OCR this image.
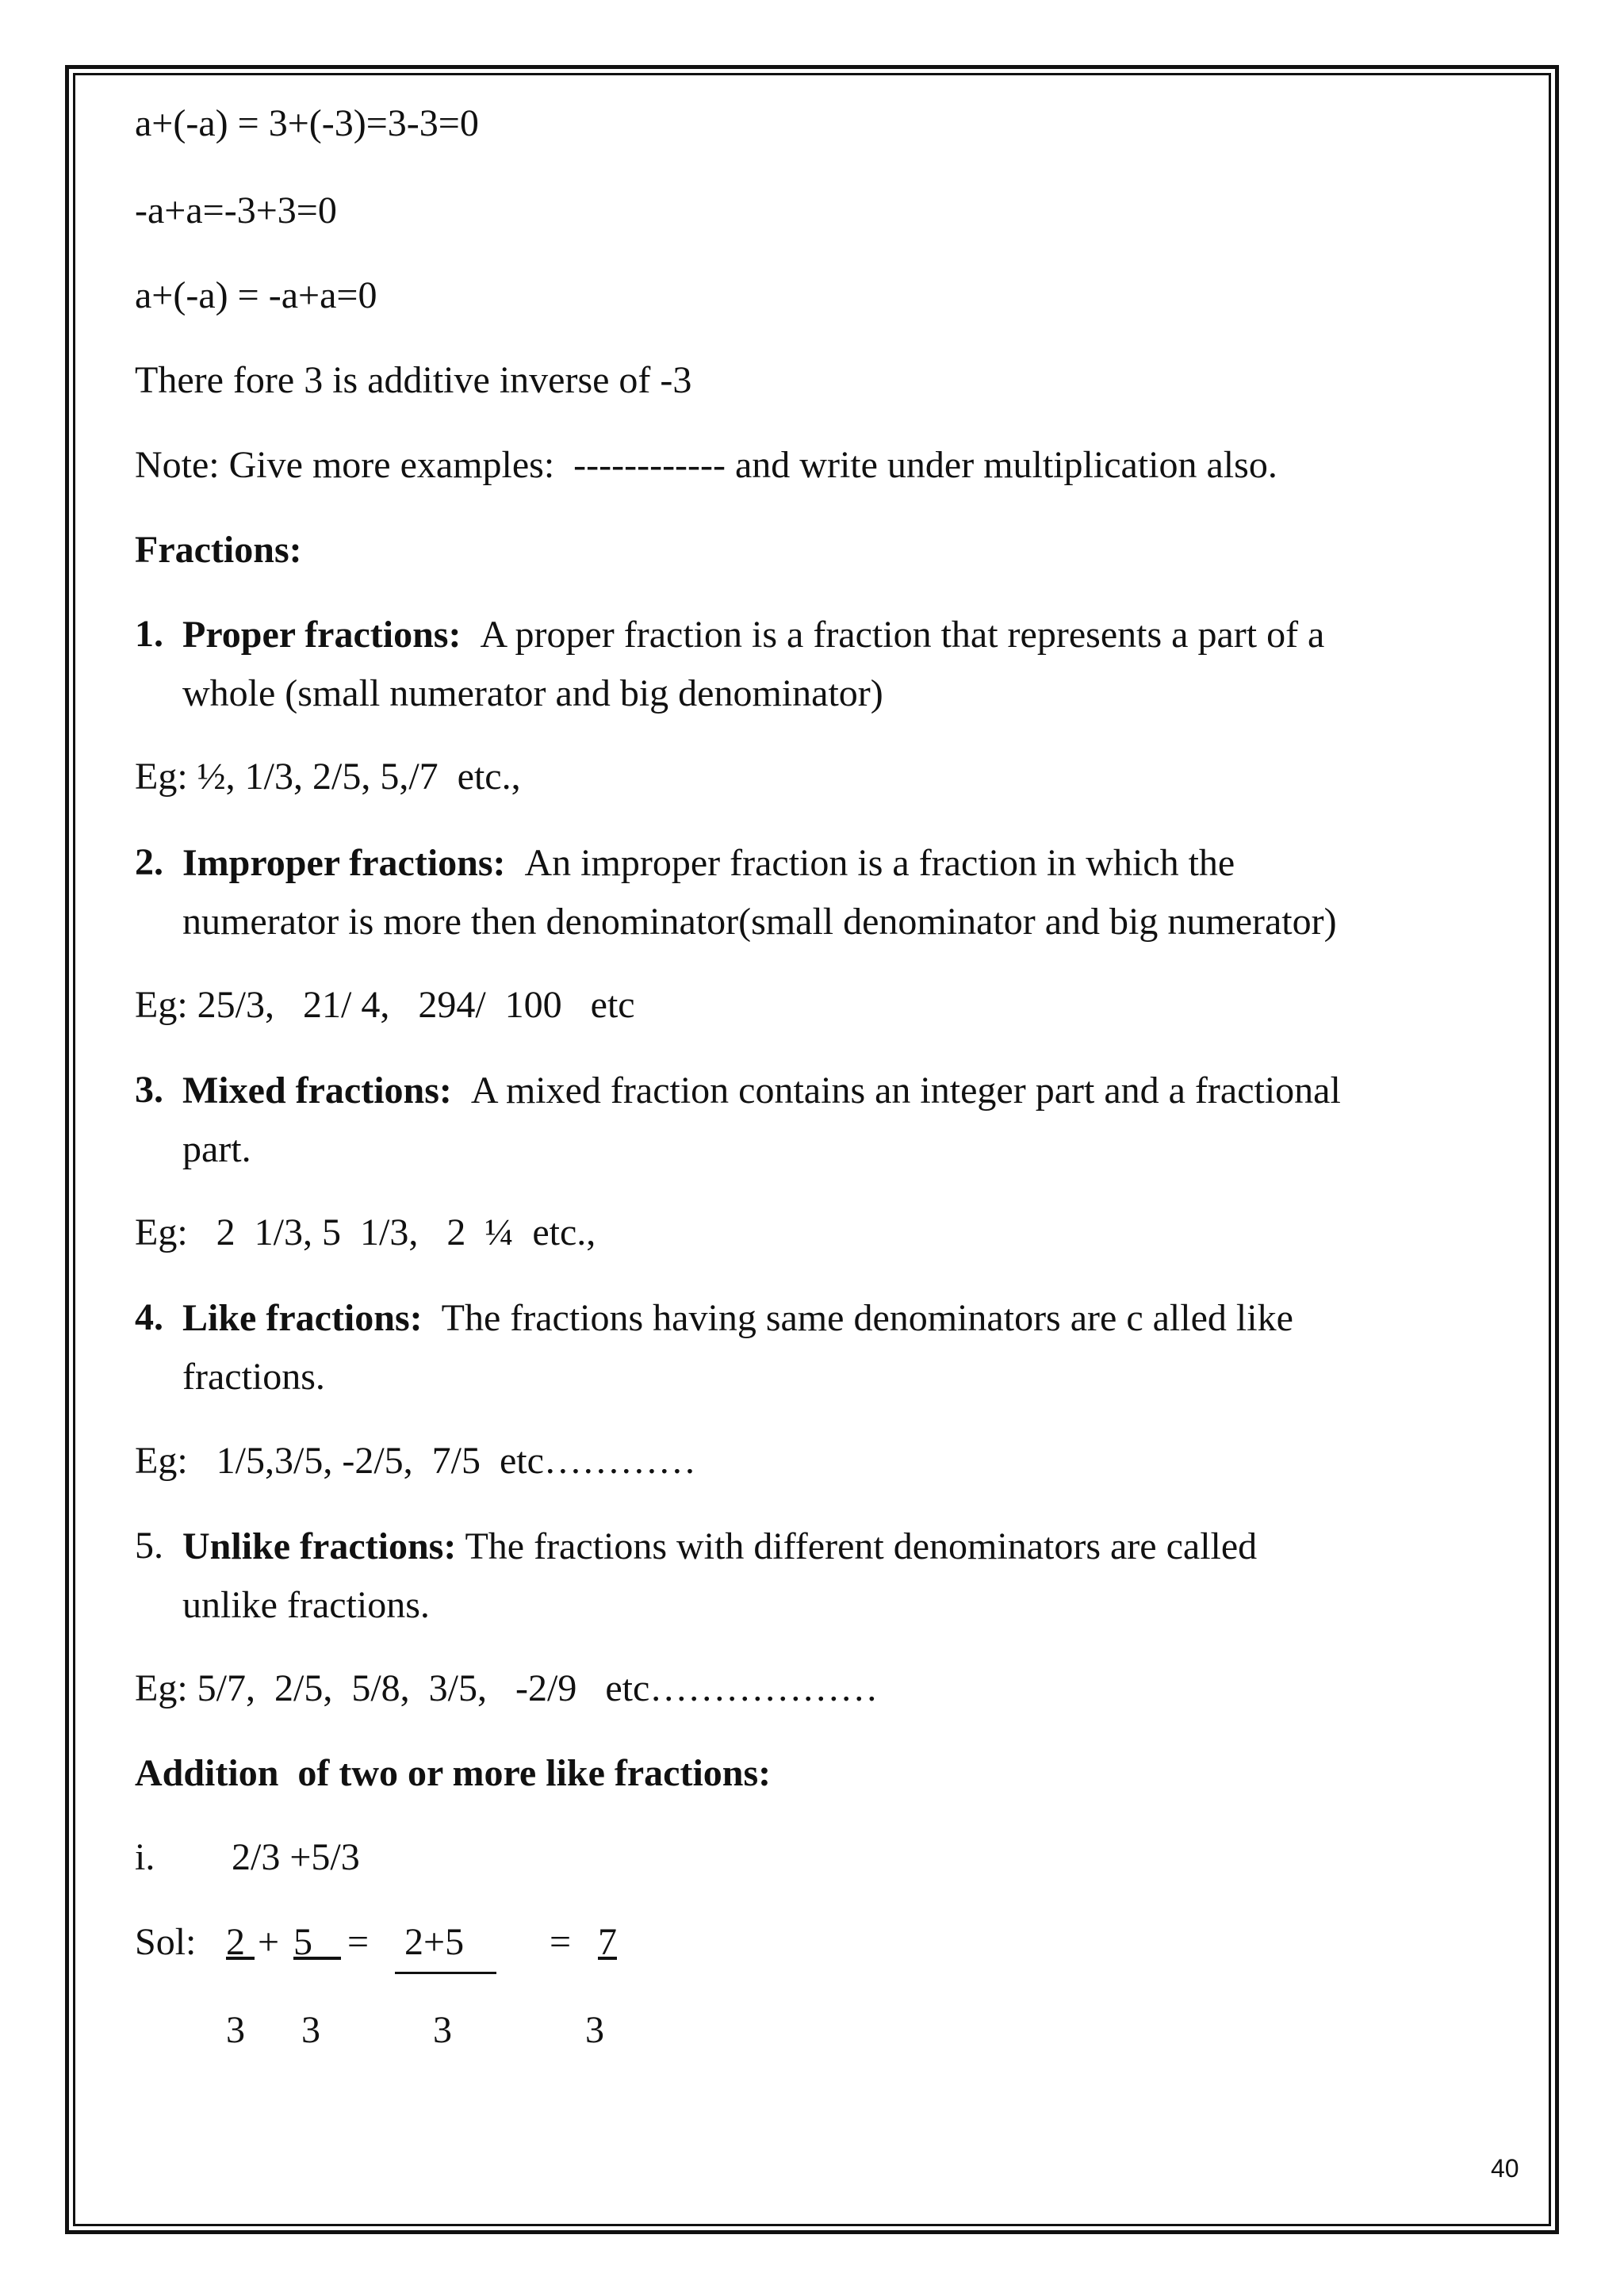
a+(-a) = 3+(-3)=3-3=0
-a+a=-3+3=0
a+(-a) = -a+a=0
There fore 3 is additive inverse of -3
Note: Give more examples:  ------------ and write under multiplication also.
Fractions:
1. Proper fractions: A proper fraction is a fraction that represents a part of a
whole (small numerator and big denominator)
Eg: ½, 1/3, 2/5, 5,/7  etc.,
2. Improper fractions: An improper fraction is a fraction in which the
numerator is more then denominator(small denominator and big numerator)
Eg: 25/3,   21/ 4,   294/  100   etc
3. Mixed fractions: A mixed fraction contains an integer part and a fractional
part.
Eg:   2  1/3, 5  1/3,   2  ¼  etc.,
4. Like fractions: The fractions having same denominators are c alled like
fractions.
Eg:   1/5,3/5, -2/5,  7/5  etc…………
5. Unlike fractions: The fractions with different denominators are called
unlike fractions.
Eg: 5/7,  2/5,  5/8,  3/5,   -2/9   etc………………
Addition  of two or more like fractions:
i. 2/3 +5/3
Sol: 2 + 5 = 2+5 = 7
3 3	3	3
40
